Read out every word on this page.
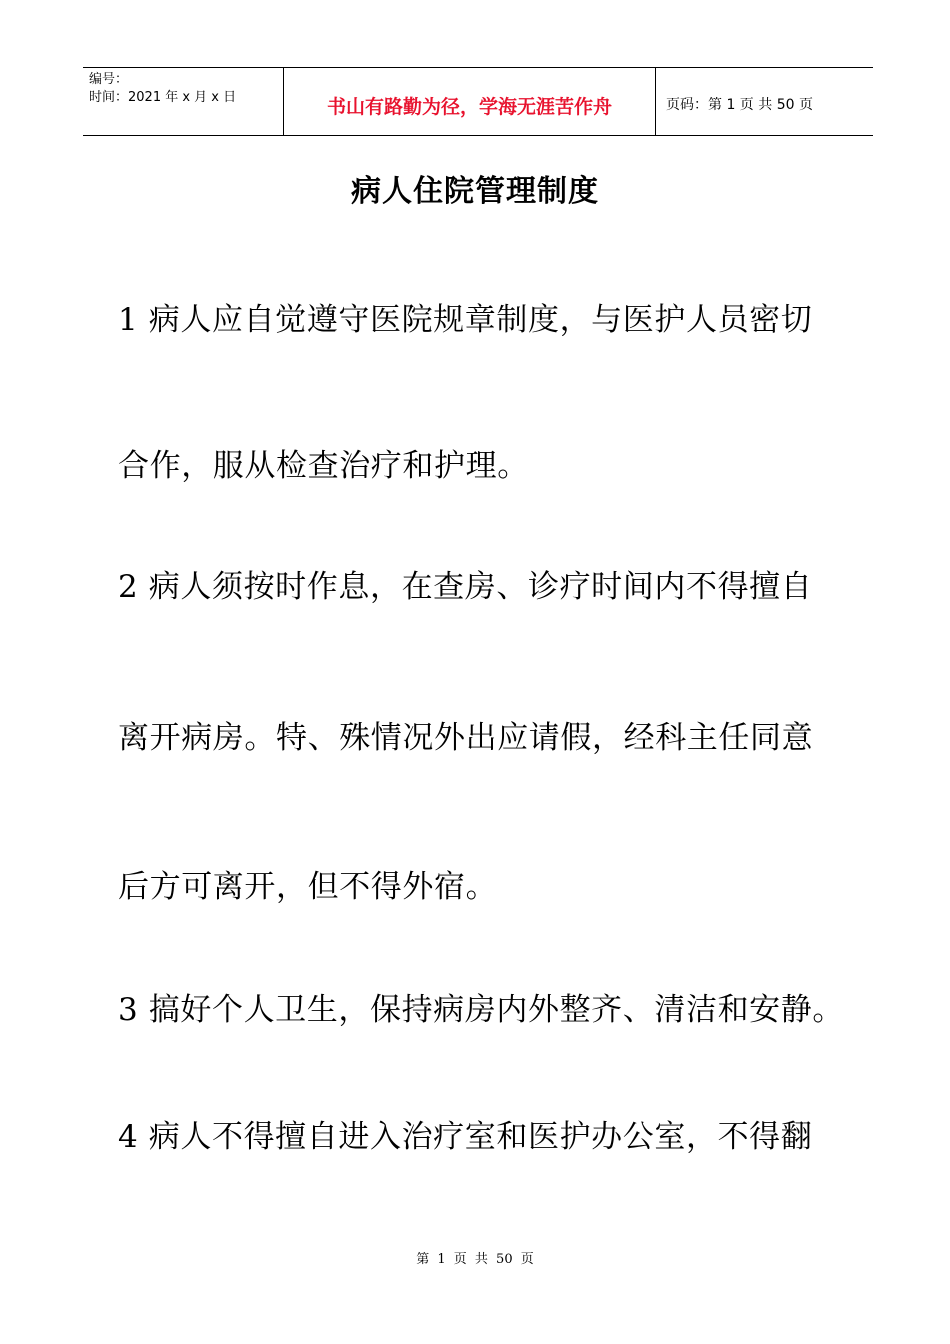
编号：
时间：2021 年 x 月 x 日	书山有路勤为径，学海无涯苦作舟	页码：第 1 页 共 50 页
病人住院管理制度
1 病人应自觉遵守医院规章制度，与医护人员密切
合作，服从检查治疗和护理。
2 病人须按时作息，在查房、诊疗时间内不得擅自
离开病房。特、殊情况外出应请假，经科主任同意
后方可离开，但不得外宿。
3 搞好个人卫生，保持病房内外整齐、清洁和安静。
4 病人不得擅自进入治疗室和医护办公室，不得翻
第 1 页 共 50 页
